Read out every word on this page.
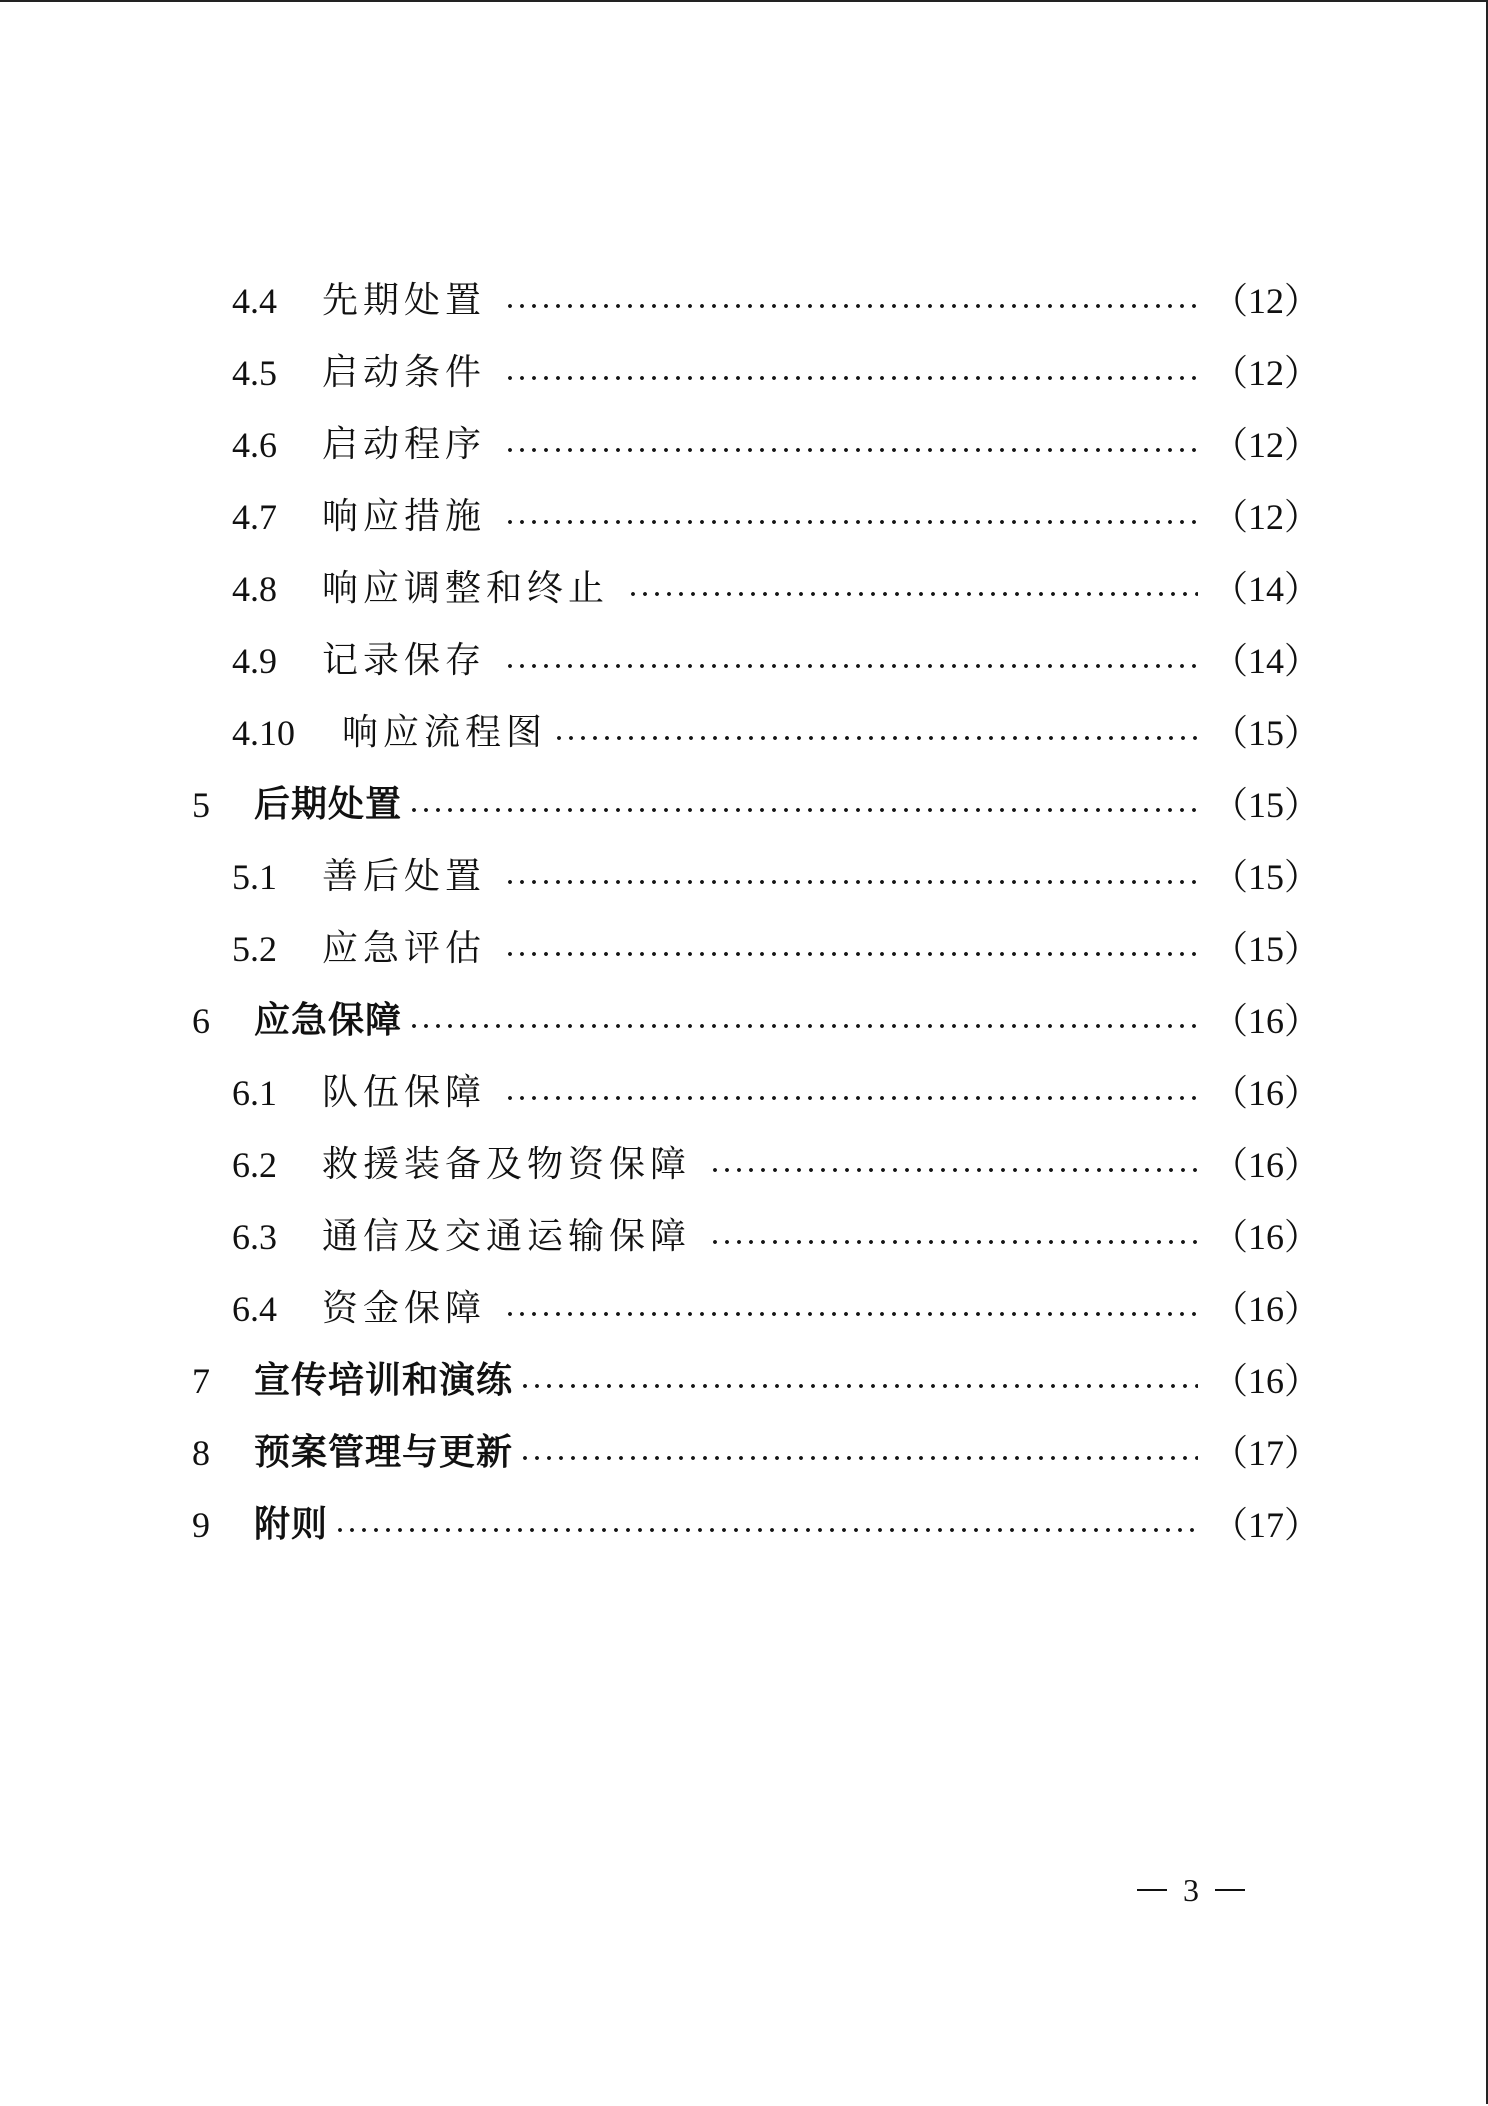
4.4	先期处置	（12）
4.5	启动条件	（12）
4.6	启动程序	（12）
4.7	响应措施	（12）
4.8	响应调整和终止	（14）
4.9	记录保存	（14）
4.10	响应流程图	（15）
5	后期处置	（15）
5.1	善后处置	（15）
5.2	应急评估	（15）
6	应急保障	（16）
6.1	队伍保障	（16）
6.2	救援装备及物资保障	（16）
6.3	通信及交通运输保障	（16）
6.4	资金保障	（16）
7	宣传培训和演练	（16）
8	预案管理与更新	（17）
9	附则	（17）
3
